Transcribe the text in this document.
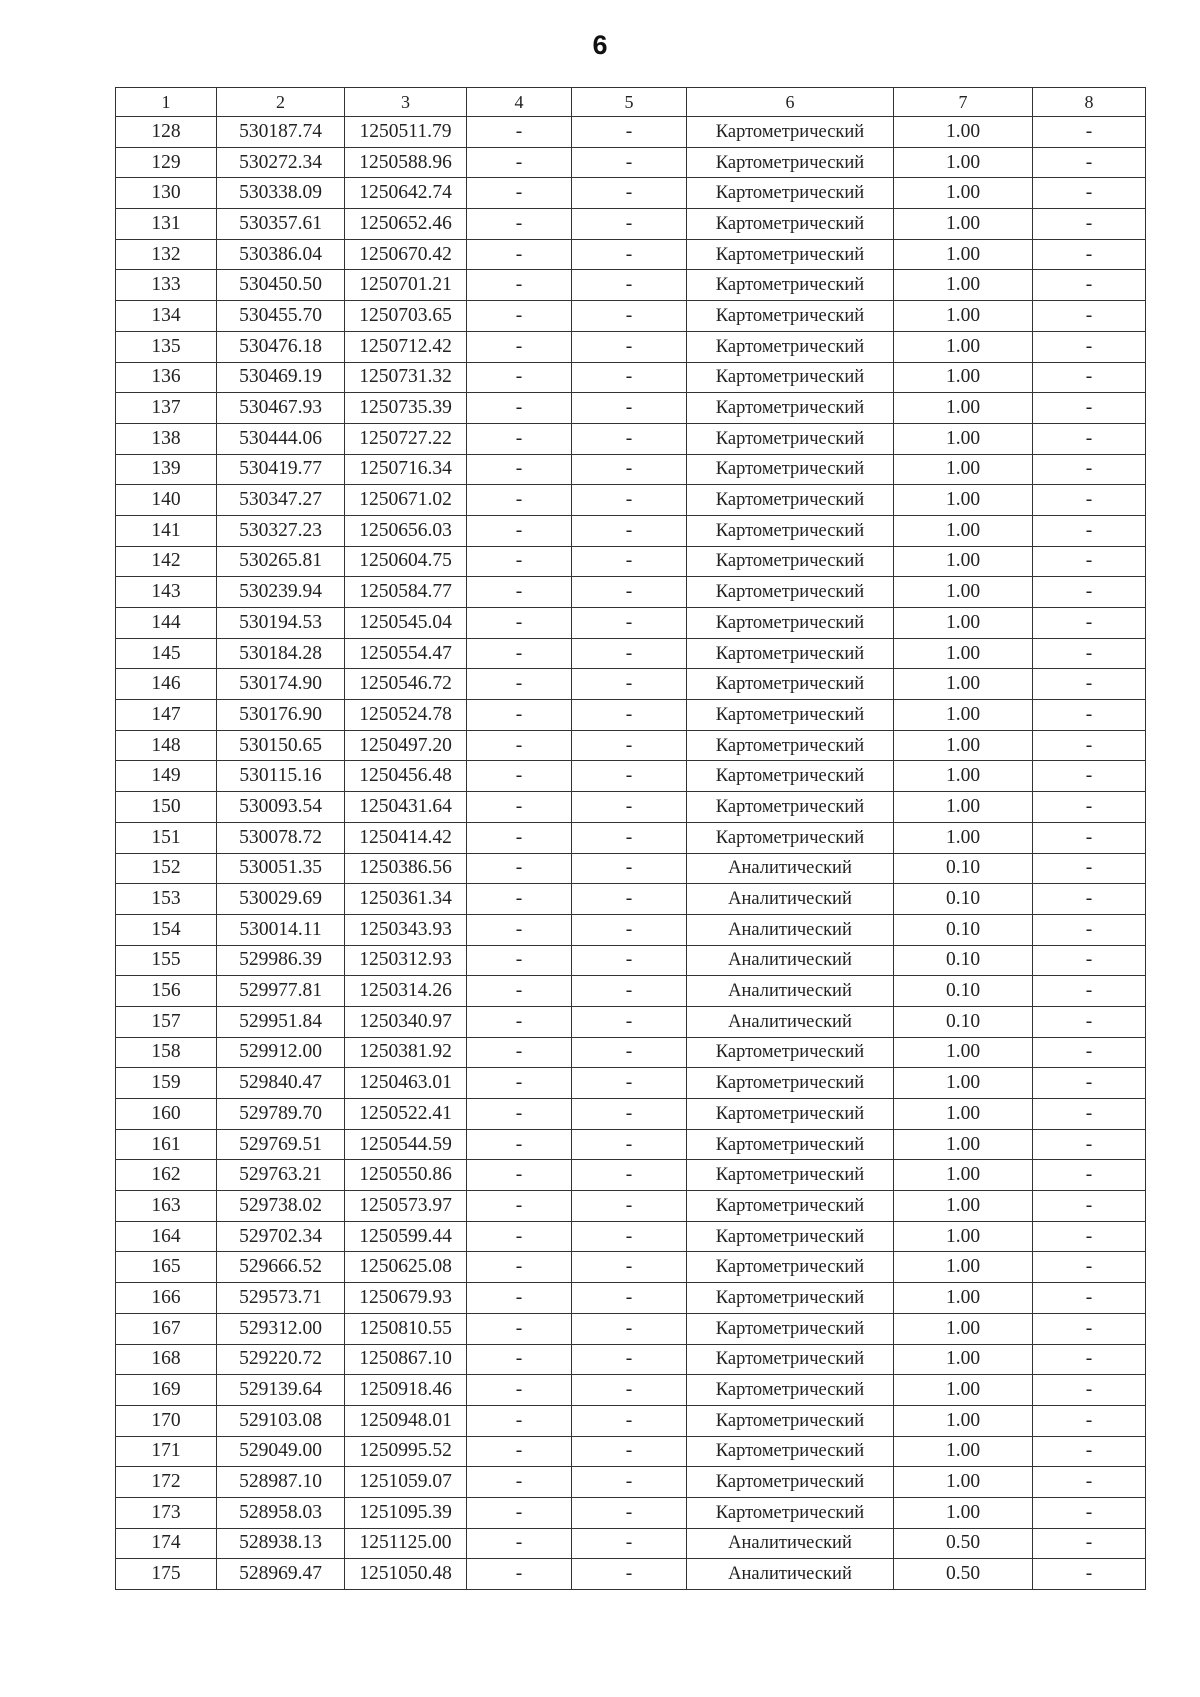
6
1	2	3	4	5	6	7	8
128	530187.74	1250511.79	-	-	Картометрический	1.00	-
129	530272.34	1250588.96	-	-	Картометрический	1.00	-
130	530338.09	1250642.74	-	-	Картометрический	1.00	-
131	530357.61	1250652.46	-	-	Картометрический	1.00	-
132	530386.04	1250670.42	-	-	Картометрический	1.00	-
133	530450.50	1250701.21	-	-	Картометрический	1.00	-
134	530455.70	1250703.65	-	-	Картометрический	1.00	-
135	530476.18	1250712.42	-	-	Картометрический	1.00	-
136	530469.19	1250731.32	-	-	Картометрический	1.00	-
137	530467.93	1250735.39	-	-	Картометрический	1.00	-
138	530444.06	1250727.22	-	-	Картометрический	1.00	-
139	530419.77	1250716.34	-	-	Картометрический	1.00	-
140	530347.27	1250671.02	-	-	Картометрический	1.00	-
141	530327.23	1250656.03	-	-	Картометрический	1.00	-
142	530265.81	1250604.75	-	-	Картометрический	1.00	-
143	530239.94	1250584.77	-	-	Картометрический	1.00	-
144	530194.53	1250545.04	-	-	Картометрический	1.00	-
145	530184.28	1250554.47	-	-	Картометрический	1.00	-
146	530174.90	1250546.72	-	-	Картометрический	1.00	-
147	530176.90	1250524.78	-	-	Картометрический	1.00	-
148	530150.65	1250497.20	-	-	Картометрический	1.00	-
149	530115.16	1250456.48	-	-	Картометрический	1.00	-
150	530093.54	1250431.64	-	-	Картометрический	1.00	-
151	530078.72	1250414.42	-	-	Картометрический	1.00	-
152	530051.35	1250386.56	-	-	Аналитический	0.10	-
153	530029.69	1250361.34	-	-	Аналитический	0.10	-
154	530014.11	1250343.93	-	-	Аналитический	0.10	-
155	529986.39	1250312.93	-	-	Аналитический	0.10	-
156	529977.81	1250314.26	-	-	Аналитический	0.10	-
157	529951.84	1250340.97	-	-	Аналитический	0.10	-
158	529912.00	1250381.92	-	-	Картометрический	1.00	-
159	529840.47	1250463.01	-	-	Картометрический	1.00	-
160	529789.70	1250522.41	-	-	Картометрический	1.00	-
161	529769.51	1250544.59	-	-	Картометрический	1.00	-
162	529763.21	1250550.86	-	-	Картометрический	1.00	-
163	529738.02	1250573.97	-	-	Картометрический	1.00	-
164	529702.34	1250599.44	-	-	Картометрический	1.00	-
165	529666.52	1250625.08	-	-	Картометрический	1.00	-
166	529573.71	1250679.93	-	-	Картометрический	1.00	-
167	529312.00	1250810.55	-	-	Картометрический	1.00	-
168	529220.72	1250867.10	-	-	Картометрический	1.00	-
169	529139.64	1250918.46	-	-	Картометрический	1.00	-
170	529103.08	1250948.01	-	-	Картометрический	1.00	-
171	529049.00	1250995.52	-	-	Картометрический	1.00	-
172	528987.10	1251059.07	-	-	Картометрический	1.00	-
173	528958.03	1251095.39	-	-	Картометрический	1.00	-
174	528938.13	1251125.00	-	-	Аналитический	0.50	-
175	528969.47	1251050.48	-	-	Аналитический	0.50	-
